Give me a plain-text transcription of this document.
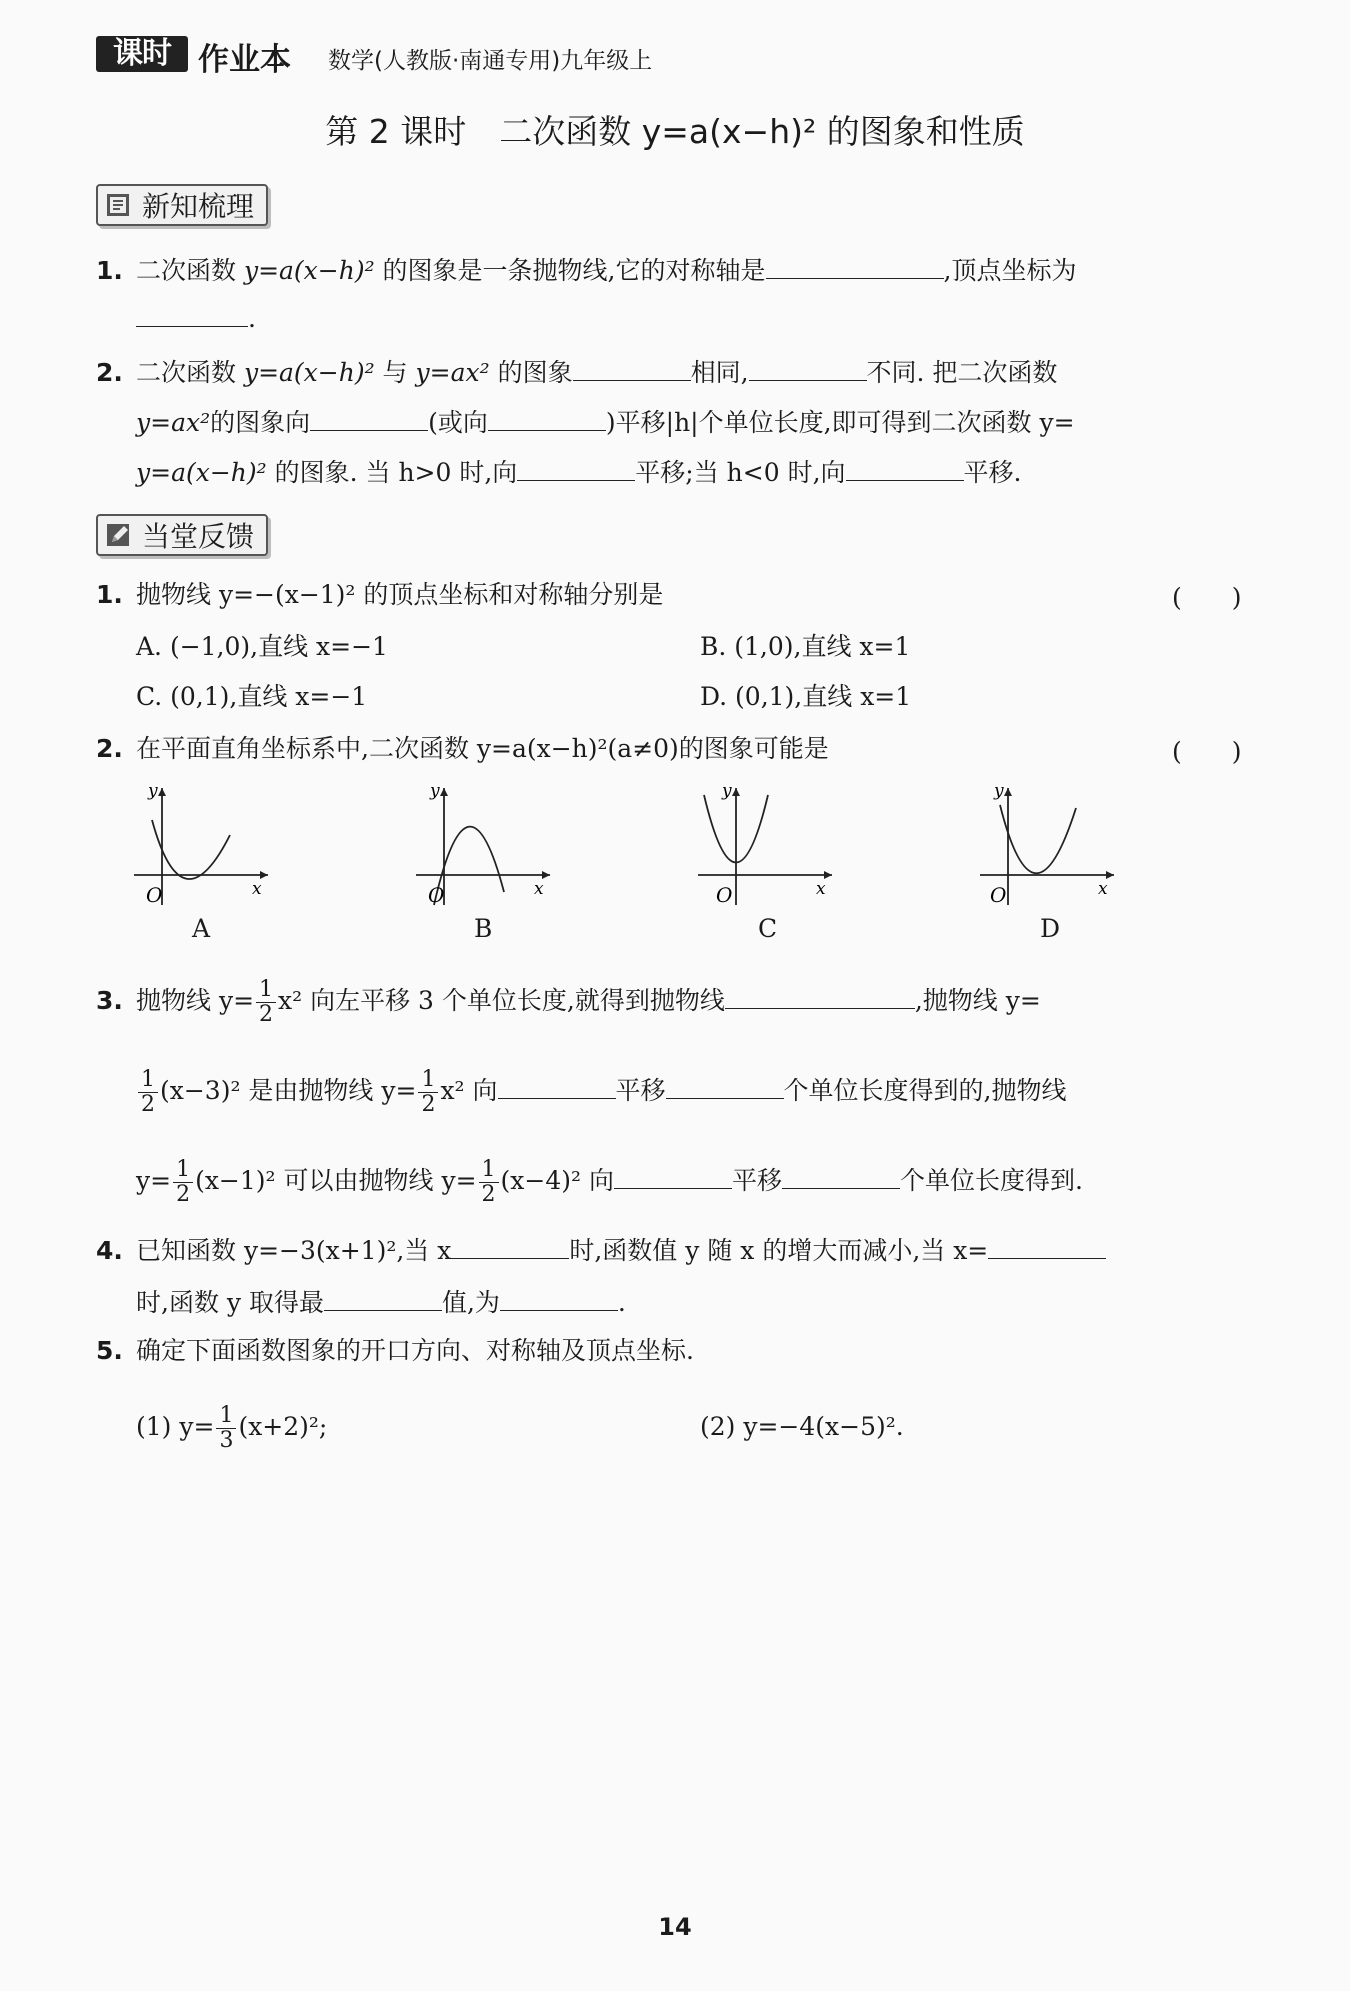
课时 作业本 数学(人教版·南通专用)九年级上
第 2 课时　二次函数 y=a(x−h)² 的图象和性质
新知梳理
1. 二次函数 y=a(x−h)² 的图象是一条抛物线,它的对称轴是	,顶点坐标为
.
2. 二次函数 y=a(x−h)² 与 y=ax² 的图象	相同,	不同. 把二次函数
y=ax²的图象向	(或向	)平移|h|个单位长度,即可得到二次函数 y=
y=a(x−h)² 的图象. 当 h>0 时,向	平移;当 h<0 时,向	平移.
当堂反馈
1. 抛物线 y=−(x−1)² 的顶点坐标和对称轴分别是	(　　)
A. (−1,0),直线 x=−1	B. (1,0),直线 x=1
C. (0,1),直线 x=−1	D. (0,1),直线 x=1
2. 在平面直角坐标系中,二次函数 y=a(x−h)²(a≠0)的图象可能是	(　　)
O	x
y
A
O	x
y
B
O	x
y
C
O	x
y
D
3. 抛物线 $y= \frac{1}{2} x^2$ 向左平移 3 个单位长度,就得到抛物线	,抛物线 y=
$\frac{1}{2} (x-3)^2$ 是由抛物线 $y= \frac{1}{2} x^2$ 向	平移	个单位长度得到的,抛物线
$y= \frac{1}{2} (x-1)^2$ 可以由抛物线 $y= \frac{1}{2} (x-4)^2$ 向	平移	个单位长度得到.
4. 已知函数 y=−3(x+1)²,当 x	时,函数值 y 随 x 的增大而减小,当 x=
时,函数 y 取得最	值,为	.
5. 确定下面函数图象的开口方向、对称轴及顶点坐标.
(1) $y= \frac{1}{3} (x+2)^2$;	(2) y=−4(x−5)².
14
